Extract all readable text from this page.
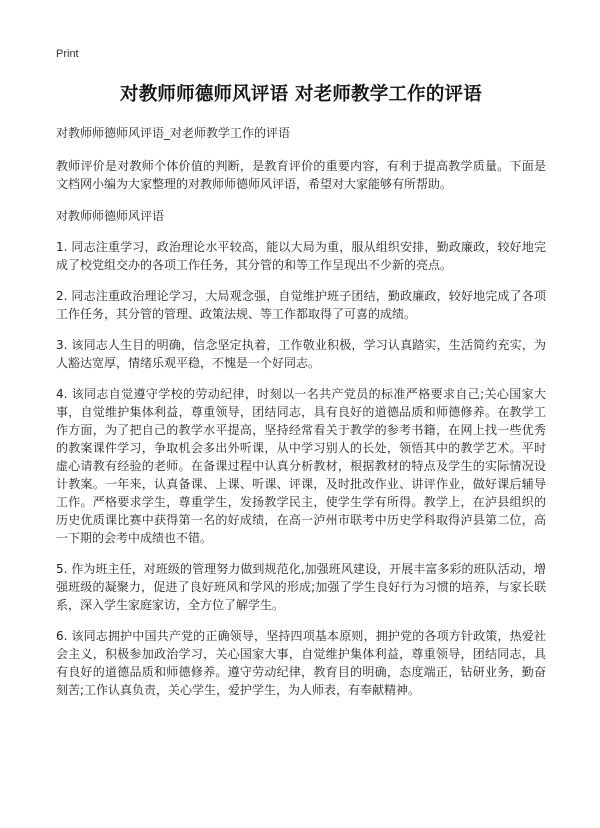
Print
对教师师德师风评语 对老师教学工作的评语

对教师师德师风评语_对老师教学工作的评语

教师评价是对教师个体价值的判断，是教育评价的重要内容，有利于提高教学质量。下面是文档网小编为大家整理的对教师师德师风评语，希望对大家能够有所帮助。

对教师师德师风评语

1. 同志注重学习，政治理论水平较高，能以大局为重，服从组织安排，勤政廉政，较好地完成了校党组交办的各项工作任务，其分管的和等工作呈现出不少新的亮点。

2. 同志注重政治理论学习，大局观念强，自觉维护班子团结，勤政廉政，较好地完成了各项工作任务，其分管的管理、政策法规、等工作都取得了可喜的成绩。

3. 该同志人生目的明确，信念坚定执着，工作敬业积极，学习认真踏实，生活简约充实，为人豁达宽厚，情绪乐观平稳，不愧是一个好同志。

4. 该同志自觉遵守学校的劳动纪律，时刻以一名共产党员的标准严格要求自己;关心国家大事，自觉维护集体利益，尊重领导，团结同志，具有良好的道德品质和师德修养。在教学工作方面，为了把自己的教学水平提高，坚持经常看关于教学的参考书籍，在网上找一些优秀的教案课件学习，争取机会多出外听课，从中学习别人的长处，领悟其中的教学艺术。平时虚心请教有经验的老师。在备课过程中认真分析教材，根据教材的特点及学生的实际情况设计教案。一年来，认真备课、上课、听课、评课，及时批改作业、讲评作业，做好课后辅导工作。严格要求学生，尊重学生，发扬教学民主，使学生学有所得。教学上，在泸县组织的历史优质课比赛中获得第一名的好成绩，在高一泸州市联考中历史学科取得泸县第二位，高一下期的会考中成绩也不错。

5. 作为班主任，对班级的管理努力做到规范化,加强班风建设，开展丰富多彩的班队活动，增强班级的凝聚力，促进了良好班风和学风的形成;加强了学生良好行为习惯的培养，与家长联系，深入学生家庭家访，全方位了解学生。

6. 该同志拥护中国共产党的正确领导，坚持四项基本原则，拥护党的各项方针政策，热爱社会主义，积极参加政治学习，关心国家大事，自觉维护集体利益，尊重领导，团结同志，具有良好的道德品质和师德修养。遵守劳动纪律，教育目的明确，态度端正，钻研业务，勤奋刻苦;工作认真负责，关心学生，爱护学生，为人师表，有奉献精神。
